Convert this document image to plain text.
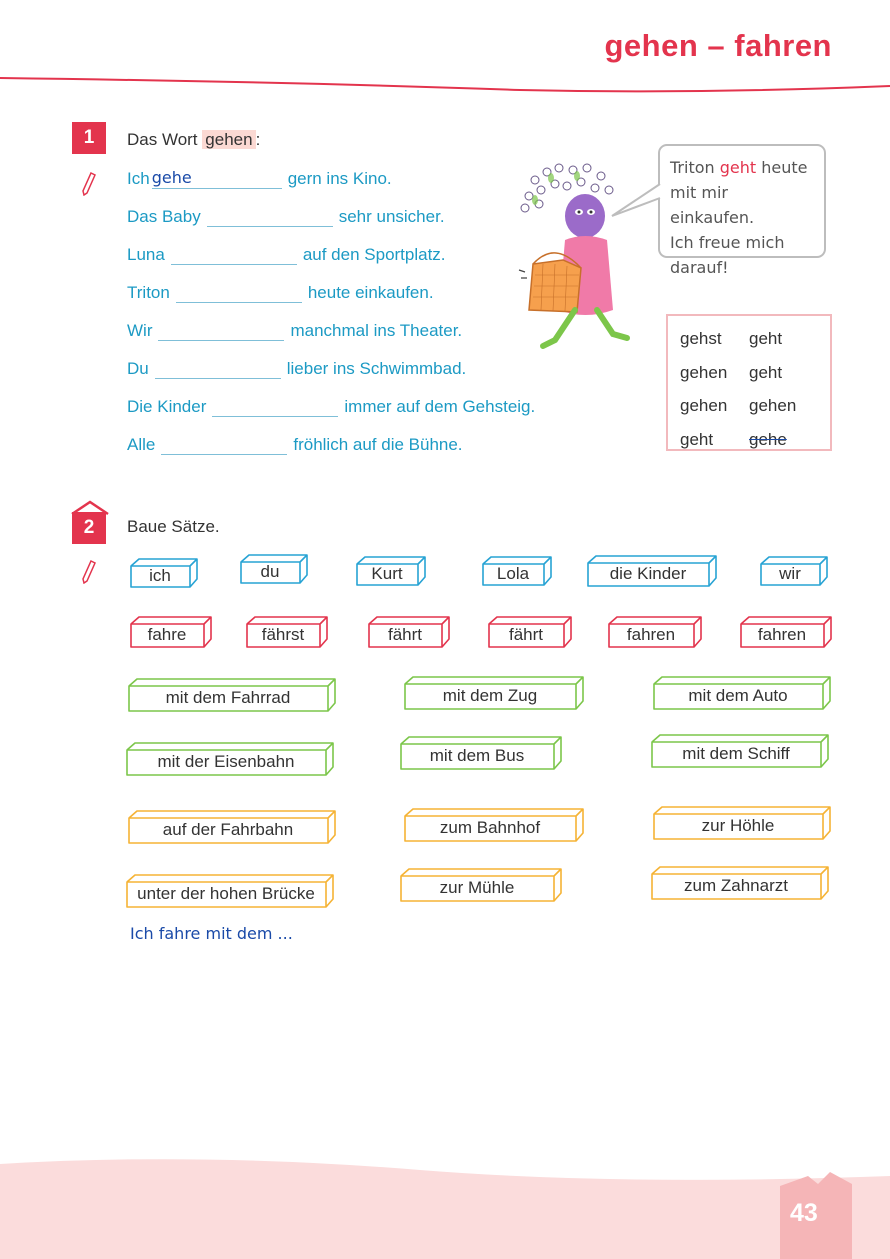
gehen – fahren
1 Das Wort gehen :
Ich gehe	gern ins Kino.
Das Baby	sehr unsicher.
Luna	auf den Sportplatz.
Triton	heute einkaufen.
Wir	manchmal ins Theater.
Du	lieber ins Schwimmbad.
Die Kinder	immer auf dem Gehsteig.
Alle	fröhlich auf die Bühne.
Triton geht heute
mit mir einkaufen.
Ich freue mich
darauf!
gehst	geht
gehen	geht
gehen	gehen
geht	gehe
2 Baue Sätze.
ich	du	Kurt	Lola	die Kinder	wir
fahre	fährst	fährt	fährt	fahren	fahren
mit dem Fahrrad	mit dem Zug	mit dem Auto
mit der Eisenbahn	mit dem Bus	mit dem Schiff
auf der Fahrbahn	zum Bahnhof	zur Höhle
unter der hohen Brücke	zur Mühle	zum Zahnarzt
Ich fahre mit dem ...
43
